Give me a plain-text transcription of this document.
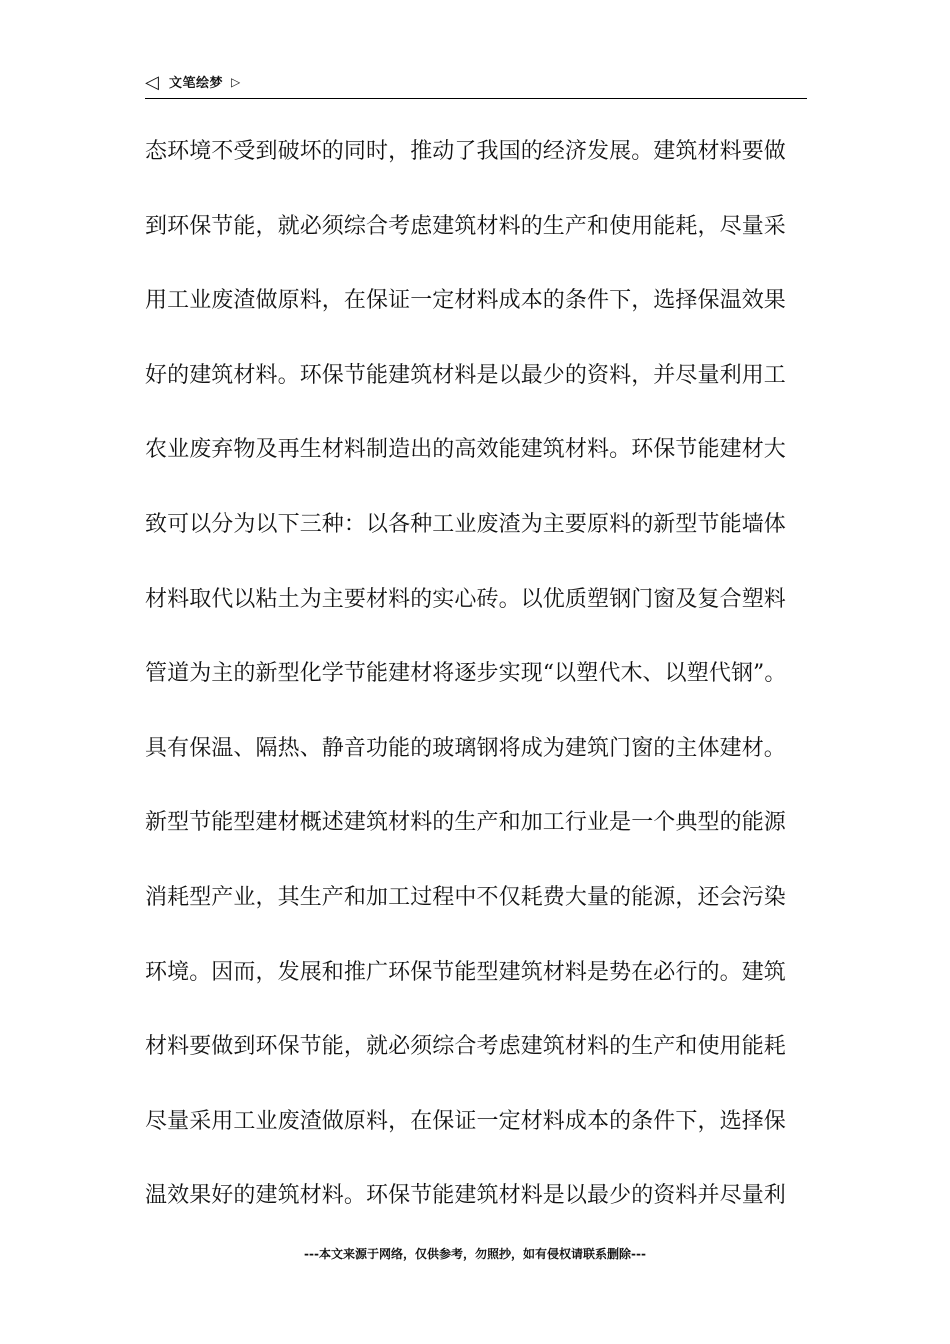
◁ 文笔绘梦 ▷
态环境不受到破坏的同时，推动了我国的经济发展。建筑材料要做
到环保节能，就必须综合考虑建筑材料的生产和使用能耗，尽量采
用工业废渣做原料，在保证一定材料成本的条件下，选择保温效果
好的建筑材料。环保节能建筑材料是以最少的资料，并尽量利用工
农业废弃物及再生材料制造出的高效能建筑材料。环保节能建材大
致可以分为以下三种：以各种工业废渣为主要原料的新型节能墙体
材料取代以粘土为主要材料的实心砖。以优质塑钢门窗及复合塑料
管道为主的新型化学节能建材将逐步实现“以塑代木、以塑代钢”。
具有保温、隔热、静音功能的玻璃钢将成为建筑门窗的主体建材。
新型节能型建材概述建筑材料的生产和加工行业是一个典型的能源
消耗型产业，其生产和加工过程中不仅耗费大量的能源，还会污染
环境。因而，发展和推广环保节能型建筑材料是势在必行的。建筑
材料要做到环保节能，就必须综合考虑建筑材料的生产和使用能耗
尽量采用工业废渣做原料，在保证一定材料成本的条件下，选择保
温效果好的建筑材料。环保节能建筑材料是以最少的资料并尽量利
---本文来源于网络，仅供参考，勿照抄，如有侵权请联系删除---
